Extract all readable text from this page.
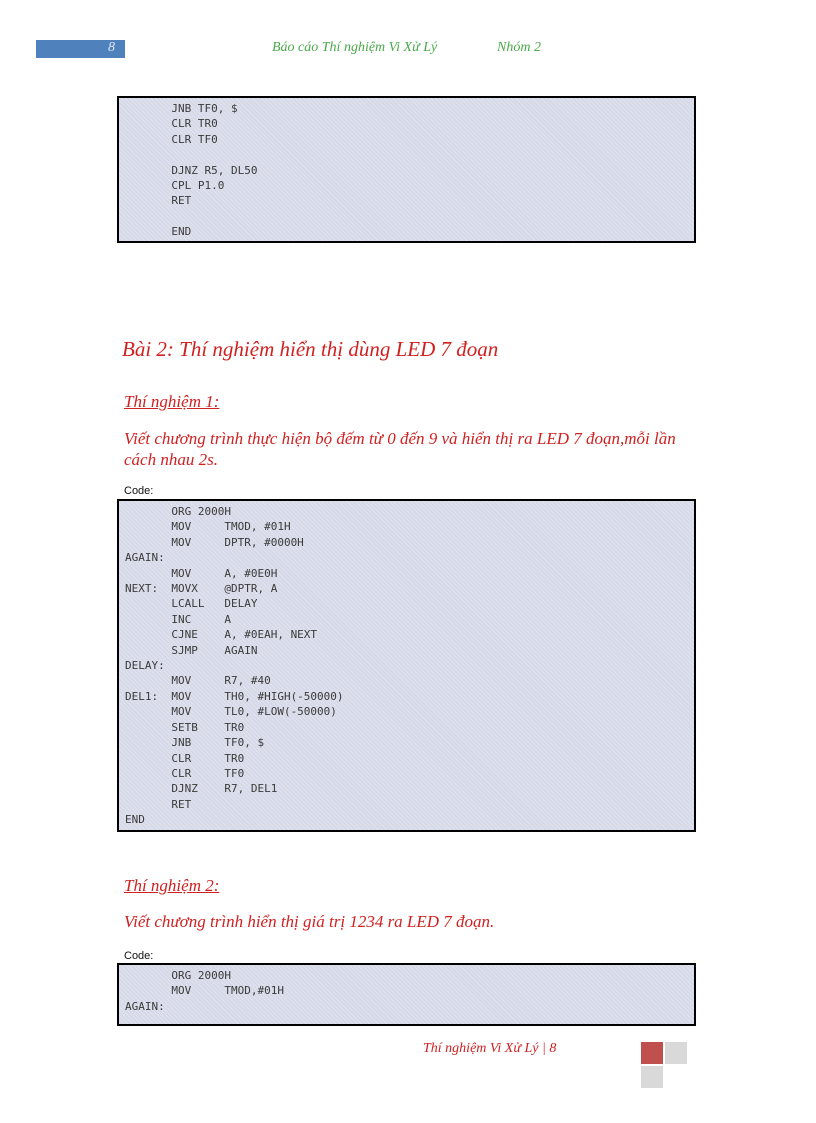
8	Báo cáo Thí nghiệm Vi Xử Lý	Nhóm 2
JNB TF0, $
CLR TR0
CLR TF0

DJNZ R5, DL50
CPL P1.0
RET

END
Bài 2: Thí nghiệm hiển thị dùng LED 7 đoạn
Thí nghiệm 1:
Viết chương trình thực hiện bộ đếm từ 0 đến 9 và hiển thị ra LED 7 đoạn,mỗi lần cách nhau 2s.
Code:
ORG 2000H
MOV     TMOD, #01H
MOV     DPTR, #0000H
AGAIN:
MOV     A, #0E0H
NEXT:  MOVX    @DPTR, A
LCALL   DELAY
INC     A
CJNE    A, #0EAH, NEXT
SJMP    AGAIN
DELAY:
MOV     R7, #40
DEL1:  MOV     TH0, #HIGH(-50000)
MOV     TL0, #LOW(-50000)
SETB    TR0
JNB     TF0, $
CLR     TR0
CLR     TF0
DJNZ    R7, DEL1
RET
END
Thí nghiệm 2:
Viết chương trình hiển thị giá trị 1234 ra LED 7 đoạn.
Code:
ORG 2000H
MOV     TMOD,#01H
AGAIN:
Thí nghiệm Vi Xử Lý | 8
